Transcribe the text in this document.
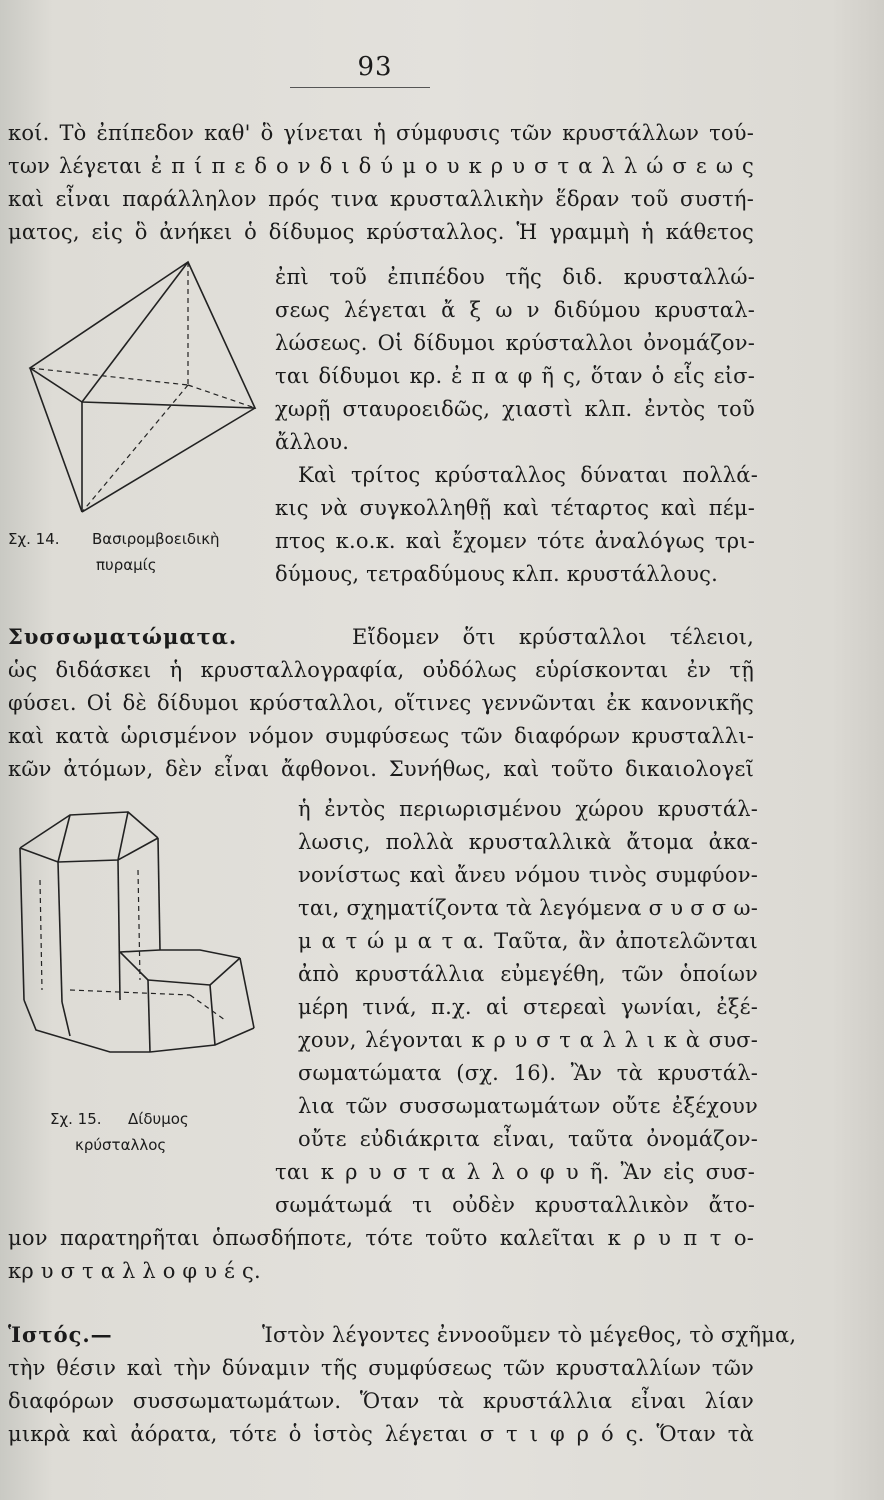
93
κοί. Τὸ ἐπίπεδον καθ' ὃ γίνεται ἡ σύμφυσις τῶν κρυστάλλων τού-
των λέγεται ἐ π ί π ε δ ο ν δ ι δ ύ μ ο υ κ ρ υ σ τ α λ λ ώ σ ε ω ς
καὶ εἶναι παράλληλον πρός τινα κρυσταλλικὴν ἕδραν τοῦ συστή-
ματος, εἰς ὃ ἀνήκει ὁ δίδυμος κρύσταλλος. Ἡ γραμμὴ ἡ κάθετος
ἐπὶ τοῦ ἐπιπέδου τῆς διδ. κρυσταλλώ-
σεως λέγεται ἄ ξ ω ν διδύμου κρυσταλ-
λώσεως. Οἱ δίδυμοι κρύσταλλοι ὀνομάζον-
ται δίδυμοι κρ. ἐ π α φ ῆ ς, ὅταν ὁ εἷς εἰσ-
χωρῇ σταυροειδῶς, χιαστὶ κλπ. ἐντὸς τοῦ
ἄλλου.
Καὶ τρίτος κρύσταλλος δύναται πολλά-
κις νὰ συγκολληθῇ καὶ τέταρτος καὶ πέμ-
πτος κ.ο.κ. καὶ ἔχομεν τότε ἀναλόγως τρι-
δύμους, τετραδύμους κλπ. κρυστάλλους.
Σχ. 14. Βασιρομβοειδικὴ
πυραμίς
Συσσωματώματα.	Εἴδομεν ὅτι κρύσταλλοι τέλειοι,
ὡς διδάσκει ἡ κρυσταλλογραφία, οὐδόλως εὑρίσκονται ἐν τῇ
φύσει. Οἱ δὲ δίδυμοι κρύσταλλοι, οἵτινες γεννῶνται ἐκ κανονικῆς
καὶ κατὰ ὡρισμένον νόμον συμφύσεως τῶν διαφόρων κρυσταλλι-
κῶν ἀτόμων, δὲν εἶναι ἄφθονοι. Συνήθως, καὶ τοῦτο δικαιολογεῖ
ἡ ἐντὸς περιωρισμένου χώρου κρυστάλ-
λωσις, πολλὰ κρυσταλλικὰ ἄτομα ἀκα-
νονίστως καὶ ἄνευ νόμου τινὸς συμφύον-
ται, σχηματίζοντα τὰ λεγόμενα σ υ σ σ ω-
μ α τ ώ μ α τ α. Ταῦτα, ἂν ἀποτελῶνται
ἀπὸ κρυστάλλια εὐμεγέθη, τῶν ὁποίων
μέρη τινά, π.χ. αἱ στερεαὶ γωνίαι, ἐξέ-
χουν, λέγονται κ ρ υ σ τ α λ λ ι κ ὰ συσ-
σωματώματα (σχ. 16). Ἂν τὰ κρυστάλ-
λια τῶν συσσωματωμάτων οὔτε ἐξέχουν
οὔτε εὐδιάκριτα εἶναι, ταῦτα ὀνομάζον-
ται κ ρ υ σ τ α λ λ ο φ υ ῆ. Ἂν εἰς συσ-
σωμάτωμά τι οὐδὲν κρυσταλλικὸν ἄτο-
Σχ. 15. Δίδυμος
κρύσταλλος
μον παρατηρῆται ὁπωσδήποτε, τότε τοῦτο καλεῖται κ ρ υ π τ ο-
κρ υ σ τ α λ λ ο φ υ έ ς.
Ἱστός.—	Ἱστὸν λέγοντες ἐννοοῦμεν τὸ μέγεθος, τὸ σχῆμα,
τὴν θέσιν καὶ τὴν δύναμιν τῆς συμφύσεως τῶν κρυσταλλίων τῶν
διαφόρων συσσωματωμάτων. Ὅταν τὰ κρυστάλλια εἶναι λίαν
μικρὰ καὶ ἀόρατα, τότε ὁ ἱστὸς λέγεται σ τ ι φ ρ ό ς. Ὅταν τὰ
